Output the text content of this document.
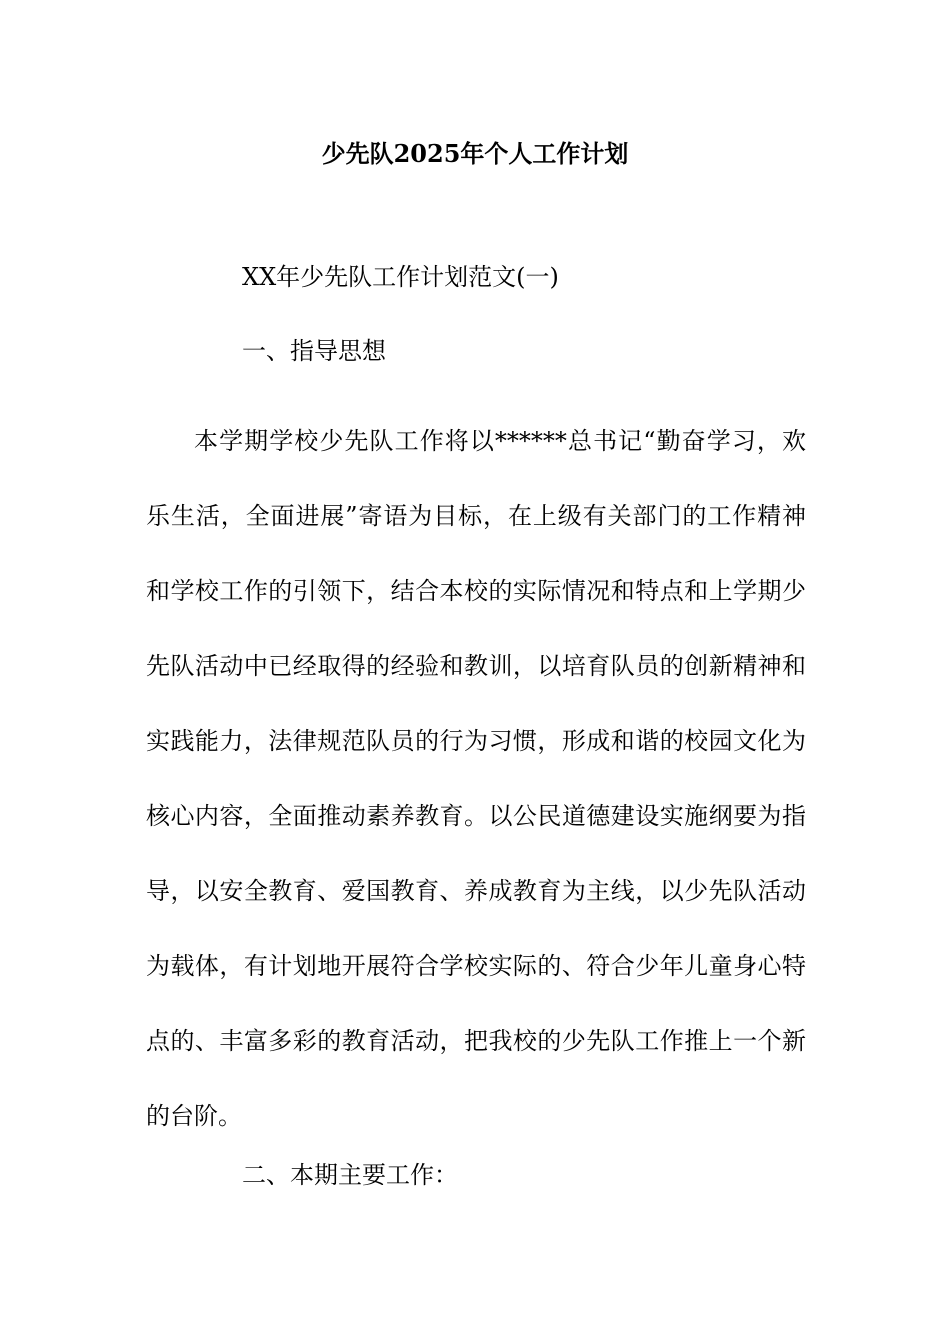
少先队2025年个人工作计划
XX年少先队工作计划范文(一)
一、指导思想
本学期学校少先队工作将以******总书记“勤奋学习，欢乐生活，全面进展”寄语为目标，在上级有关部门的工作精神和学校工作的引领下，结合本校的实际情况和特点和上学期少先队活动中已经取得的经验和教训，以培育队员的创新精神和实践能力，法律规范队员的行为习惯，形成和谐的校园文化为核心内容，全面推动素养教育。以公民道德建设实施纲要为指导，以安全教育、爱国教育、养成教育为主线，以少先队活动为载体，有计划地开展符合学校实际的、符合少年儿童身心特点的、丰富多彩的教育活动，把我校的少先队工作推上一个新的台阶。
二、本期主要工作：
